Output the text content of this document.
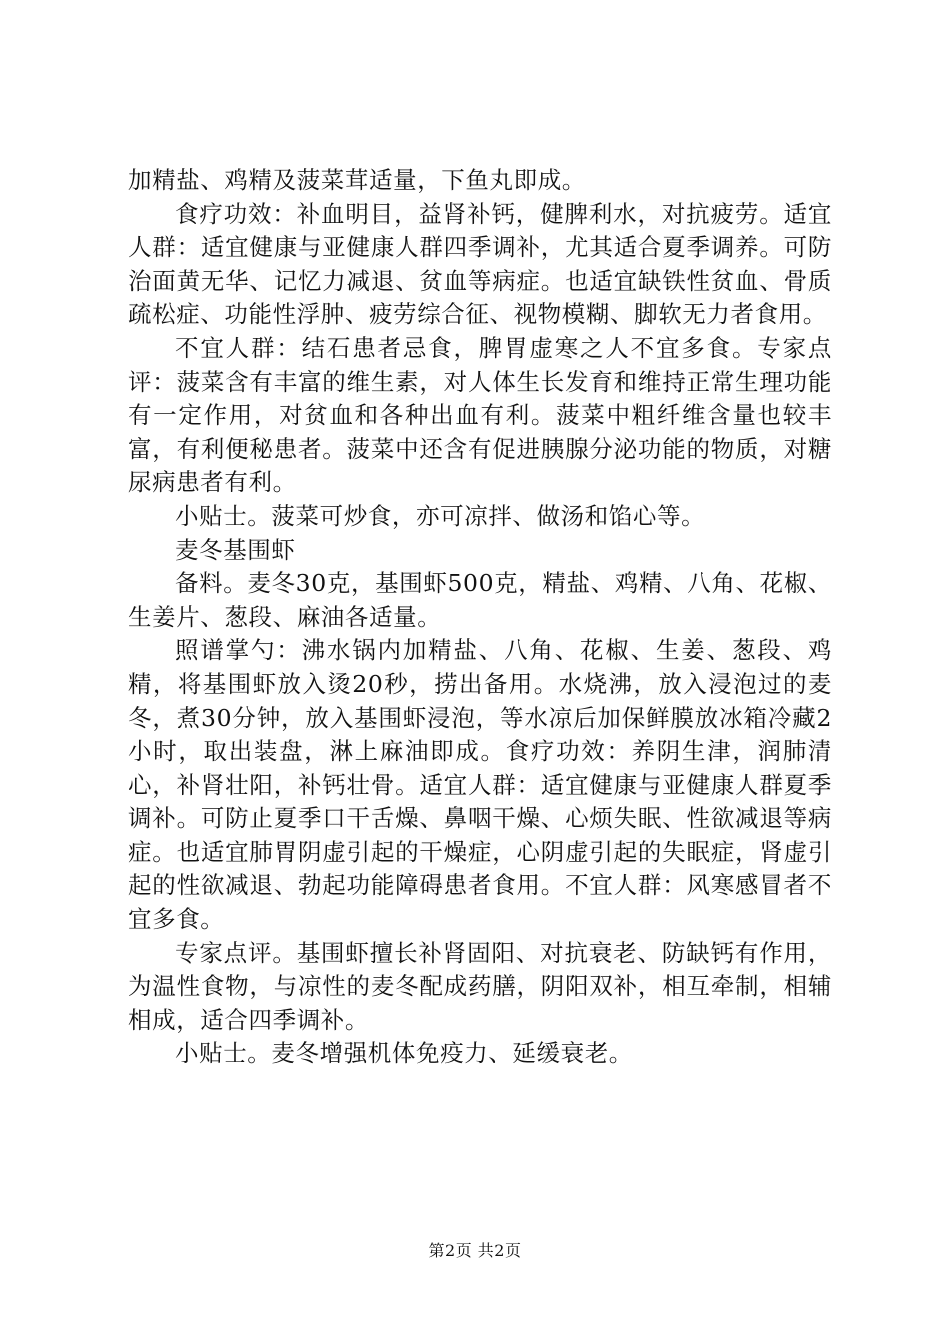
加精盐、鸡精及菠菜茸适量，下鱼丸即成。

食疗功效：补血明目，益肾补钙，健脾利水，对抗疲劳。适宜人群：适宜健康与亚健康人群四季调补，尤其适合夏季调养。可防治面黄无华、记忆力减退、贫血等病症。也适宜缺铁性贫血、骨质疏松症、功能性浮肿、疲劳综合征、视物模糊、脚软无力者食用。

不宜人群：结石患者忌食，脾胃虚寒之人不宜多食。专家点评：菠菜含有丰富的维生素，对人体生长发育和维持正常生理功能有一定作用，对贫血和各种出血有利。菠菜中粗纤维含量也较丰富，有利便秘患者。菠菜中还含有促进胰腺分泌功能的物质，对糖尿病患者有利。

小贴士。菠菜可炒食，亦可凉拌、做汤和馅心等。

麦冬基围虾

备料。麦冬30克，基围虾500克，精盐、鸡精、八角、花椒、生姜片、葱段、麻油各适量。

照谱掌勺：沸水锅内加精盐、八角、花椒、生姜、葱段、鸡精，将基围虾放入烫20秒，捞出备用。水烧沸，放入浸泡过的麦冬，煮30分钟，放入基围虾浸泡，等水凉后加保鲜膜放冰箱冷藏2小时，取出装盘，淋上麻油即成。食疗功效：养阴生津，润肺清心，补肾壮阳，补钙壮骨。适宜人群：适宜健康与亚健康人群夏季调补。可防止夏季口干舌燥、鼻咽干燥、心烦失眠、性欲减退等病症。也适宜肺胃阴虚引起的干燥症，心阴虚引起的失眠症，肾虚引起的性欲减退、勃起功能障碍患者食用。不宜人群：风寒感冒者不宜多食。

专家点评。基围虾擅长补肾固阳、对抗衰老、防缺钙有作用，为温性食物，与凉性的麦冬配成药膳，阴阳双补，相互牵制，相辅相成，适合四季调补。

小贴士。麦冬增强机体免疫力、延缓衰老。

第2页 共2页
